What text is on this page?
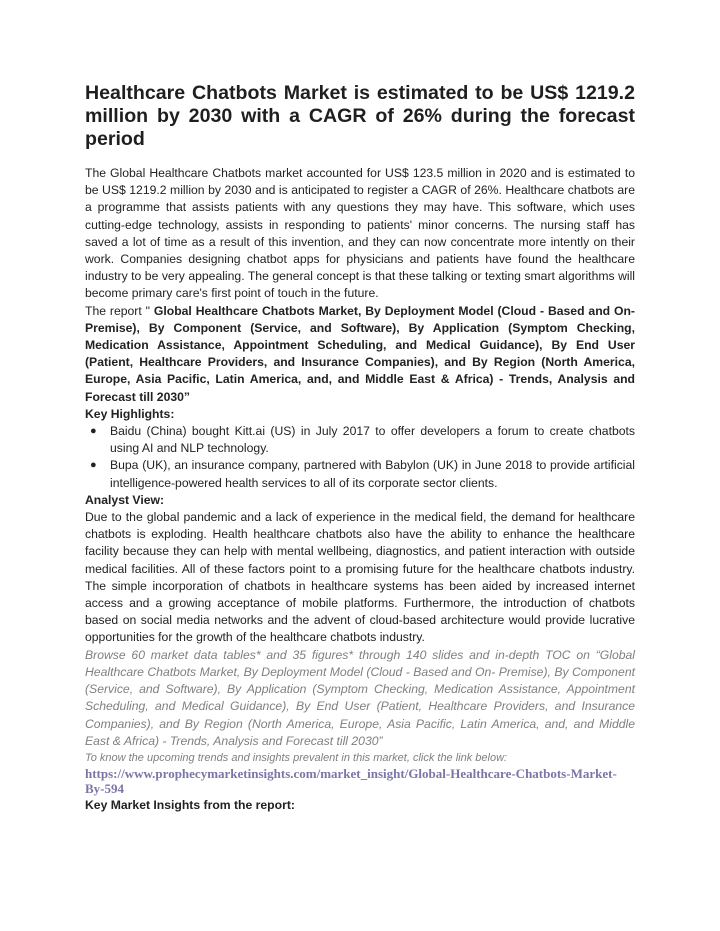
Healthcare Chatbots Market is estimated to be US$ 1219.2 million by 2030 with a CAGR of 26% during the forecast period

The Global Healthcare Chatbots market accounted for US$ 123.5 million in 2020 and is estimated to be US$ 1219.2 million by 2030 and is anticipated to register a CAGR of 26%. Healthcare chatbots are a programme that assists patients with any questions they may have. This software, which uses cutting-edge technology, assists in responding to patients' minor concerns. The nursing staff has saved a lot of time as a result of this invention, and they can now concentrate more intently on their work. Companies designing chatbot apps for physicians and patients have found the healthcare industry to be very appealing. The general concept is that these talking or texting smart algorithms will become primary care's first point of touch in the future.

The report " Global Healthcare Chatbots Market, By Deployment Model (Cloud - Based and On-Premise), By Component (Service, and Software), By Application (Symptom Checking, Medication Assistance, Appointment Scheduling, and Medical Guidance), By End User (Patient, Healthcare Providers, and Insurance Companies), and By Region (North America, Europe, Asia Pacific, Latin America, and, and Middle East & Africa) - Trends, Analysis and Forecast till 2030”

Key Highlights:

● Baidu (China) bought Kitt.ai (US) in July 2017 to offer developers a forum to create chatbots using AI and NLP technology.
● Bupa (UK), an insurance company, partnered with Babylon (UK) in June 2018 to provide artificial intelligence-powered health services to all of its corporate sector clients.

Analyst View:

Due to the global pandemic and a lack of experience in the medical field, the demand for healthcare chatbots is exploding. Health healthcare chatbots also have the ability to enhance the healthcare facility because they can help with mental wellbeing, diagnostics, and patient interaction with outside medical facilities. All of these factors point to a promising future for the healthcare chatbots industry. The simple incorporation of chatbots in healthcare systems has been aided by increased internet access and a growing acceptance of mobile platforms. Furthermore, the introduction of chatbots based on social media networks and the advent of cloud-based architecture would provide lucrative opportunities for the growth of the healthcare chatbots industry.

Browse 60 market data tables* and 35 figures* through 140 slides and in-depth TOC on “Global Healthcare Chatbots Market, By Deployment Model (Cloud - Based and On- Premise), By Component (Service, and Software), By Application (Symptom Checking, Medication Assistance, Appointment Scheduling, and Medical Guidance), By End User (Patient, Healthcare Providers, and Insurance Companies), and By Region (North America, Europe, Asia Pacific, Latin America, and, and Middle East & Africa) - Trends, Analysis and Forecast till 2030”

To know the upcoming trends and insights prevalent in this market, click the link below:

https://www.prophecymarketinsights.com/market_insight/Global-Healthcare-Chatbots-Market-By-594

Key Market Insights from the report:
